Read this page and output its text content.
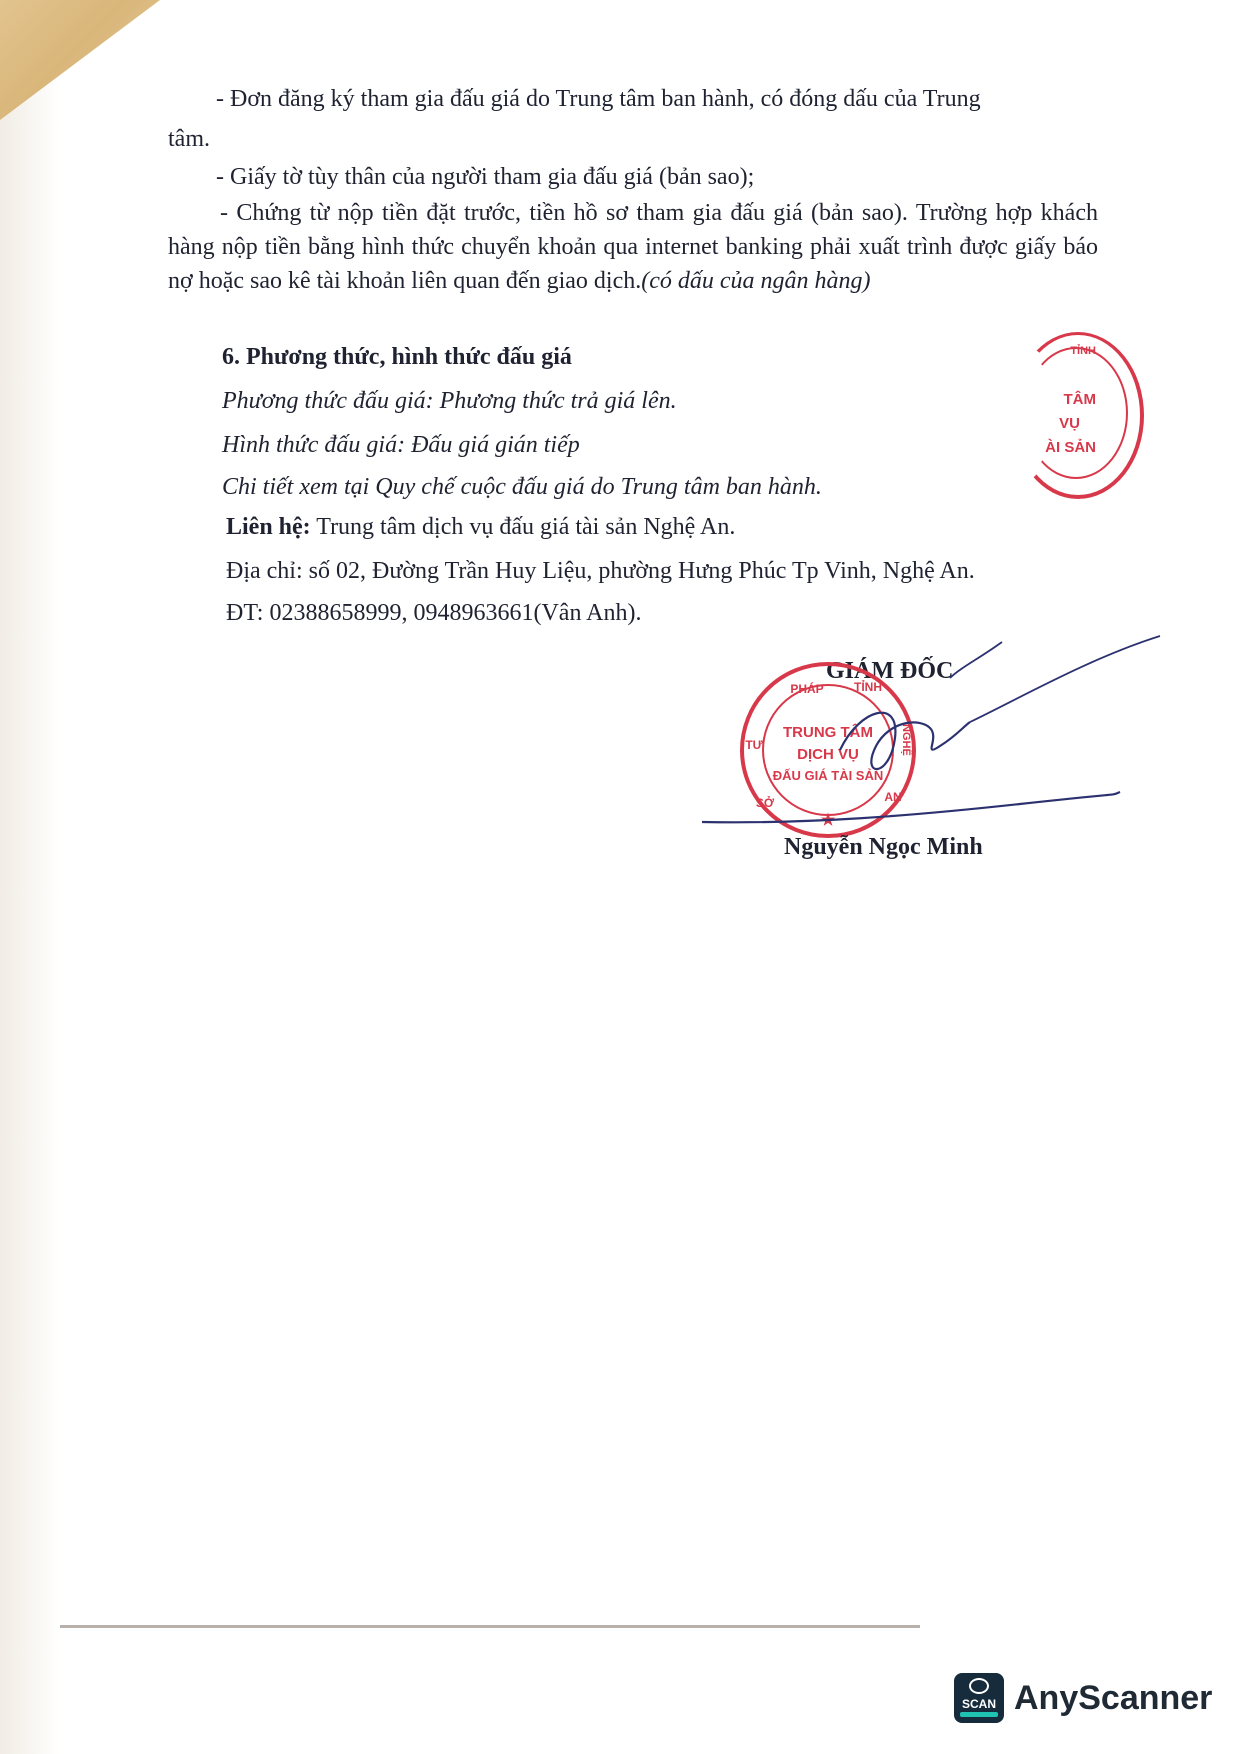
- Đơn đăng ký tham gia đấu giá do Trung tâm ban hành, có đóng dấu của Trung
tâm.
- Giấy tờ tùy thân của người tham gia đấu giá (bản sao);
- Chứng từ nộp tiền đặt trước, tiền hồ sơ tham gia đấu giá (bản sao). Trường hợp khách hàng nộp tiền bằng hình thức chuyển khoản qua internet banking phải xuất trình được giấy báo nợ hoặc sao kê tài khoản liên quan đến giao dịch.(có dấu của ngân hàng)
6. Phương thức, hình thức đấu giá
Phương thức đấu giá: Phương thức trả giá lên.
Hình thức đấu giá: Đấu giá gián tiếp
Chi tiết xem tại Quy chế cuộc đấu giá do Trung tâm ban hành.
Liên hệ: Trung tâm dịch vụ đấu giá tài sản Nghệ An.
Địa chỉ: số 02, Đường Trần Huy Liệu, phường Hưng Phúc Tp Vinh, Nghệ An.
ĐT: 02388658999, 0948963661(Vân Anh).
TỈNH
TÂM
VỤ
ÀI SẢN
GIÁM ĐỐC
PHÁP	TỈNH
TƯ	NGHỆ
SỞ	AN
TRUNG TÂM
DỊCH VỤ
ĐẤU GIÁ TÀI SẢN
★
Nguyễn Ngọc Minh
SCAN AnyScanner
